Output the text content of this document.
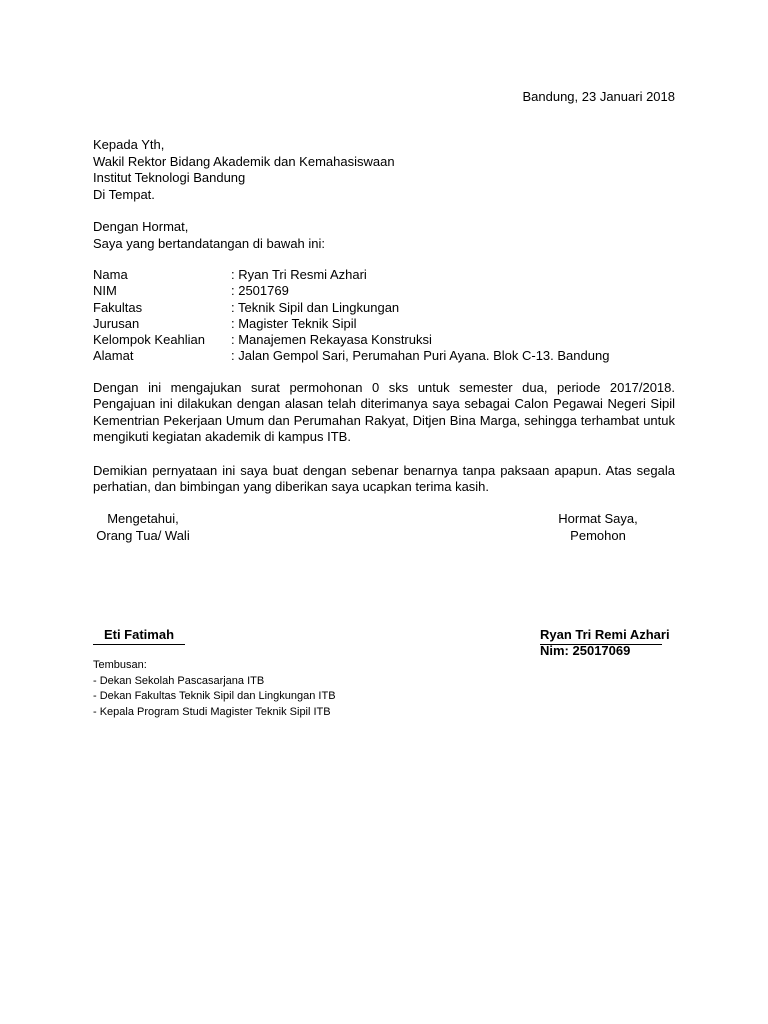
Bandung, 23 Januari 2018
Kepada Yth,
Wakil Rektor Bidang Akademik dan Kemahasiswaan
Institut Teknologi Bandung
Di Tempat.
Dengan Hormat,
Saya yang bertandatangan di bawah ini:
Nama	: Ryan Tri Resmi Azhari
NIM	: 2501769
Fakultas	: Teknik Sipil dan Lingkungan
Jurusan	: Magister Teknik Sipil
Kelompok Keahlian	: Manajemen Rekayasa Konstruksi
Alamat	: Jalan Gempol Sari, Perumahan Puri Ayana. Blok C-13. Bandung
Dengan ini mengajukan surat permohonan 0 sks untuk semester dua, periode 2017/2018. Pengajuan ini dilakukan dengan alasan telah diterimanya saya sebagai Calon Pegawai Negeri Sipil Kementrian Pekerjaan Umum dan Perumahan Rakyat, Ditjen Bina Marga, sehingga terhambat untuk mengikuti kegiatan akademik di kampus ITB.
Demikian pernyataan ini saya buat dengan sebenar benarnya tanpa paksaan apapun. Atas segala perhatian, dan bimbingan yang diberikan saya ucapkan terima kasih.
Mengetahui,
Orang Tua/ Wali
Hormat Saya,
Pemohon
Eti Fatimah	Ryan Tri Remi Azhari
Nim: 25017069
Tembusan:
- Dekan Sekolah Pascasarjana ITB
- Dekan Fakultas Teknik Sipil dan Lingkungan ITB
- Kepala Program Studi Magister Teknik Sipil ITB
